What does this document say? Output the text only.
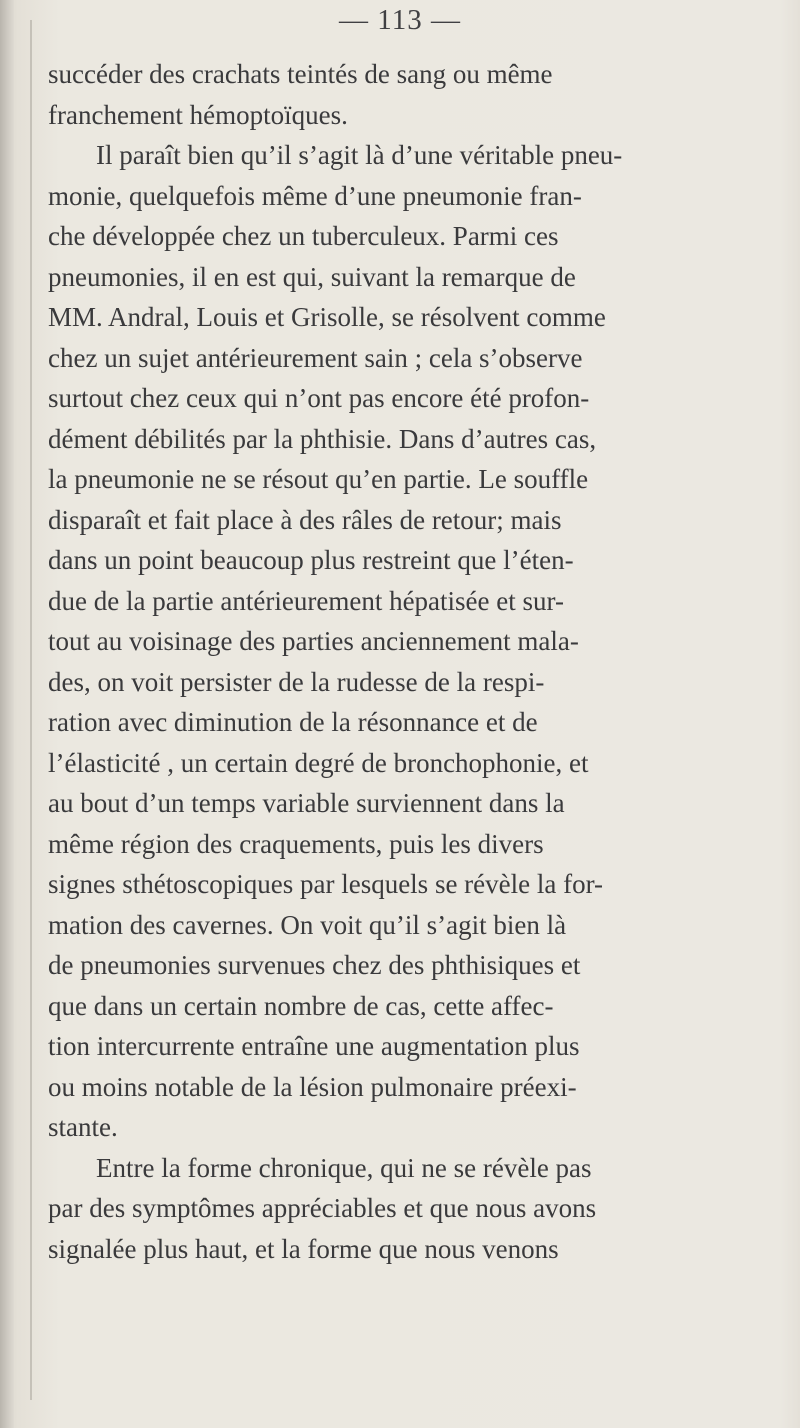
— 113 —
succéder des crachats teintés de sang ou même
franchement hémoptoïques.
Il paraît bien qu’il s’agit là d’une véritable pneu-
monie, quelquefois même d’une pneumonie fran-
che développée chez un tuberculeux. Parmi ces
pneumonies, il en est qui, suivant la remarque de
MM. Andral, Louis et Grisolle, se résolvent comme
chez un sujet antérieurement sain ; cela s’observe
surtout chez ceux qui n’ont pas encore été profon-
dément débilités par la phthisie. Dans d’autres cas,
la pneumonie ne se résout qu’en partie. Le souffle
disparaît et fait place à des râles de retour; mais
dans un point beaucoup plus restreint que l’éten-
due de la partie antérieurement hépatisée et sur-
tout au voisinage des parties anciennement mala-
des, on voit persister de la rudesse de la respi-
ration avec diminution de la résonnance et de
l’élasticité , un certain degré de bronchophonie, et
au bout d’un temps variable surviennent dans la
même région des craquements, puis les divers
signes sthétoscopiques par lesquels se révèle la for-
mation des cavernes. On voit qu’il s’agit bien là
de pneumonies survenues chez des phthisiques et
que dans un certain nombre de cas, cette affec-
tion intercurrente entraîne une augmentation plus
ou moins notable de la lésion pulmonaire préexi-
stante.
Entre la forme chronique, qui ne se révèle pas
par des symptômes appréciables et que nous avons
signalée plus haut, et la forme que nous venons
